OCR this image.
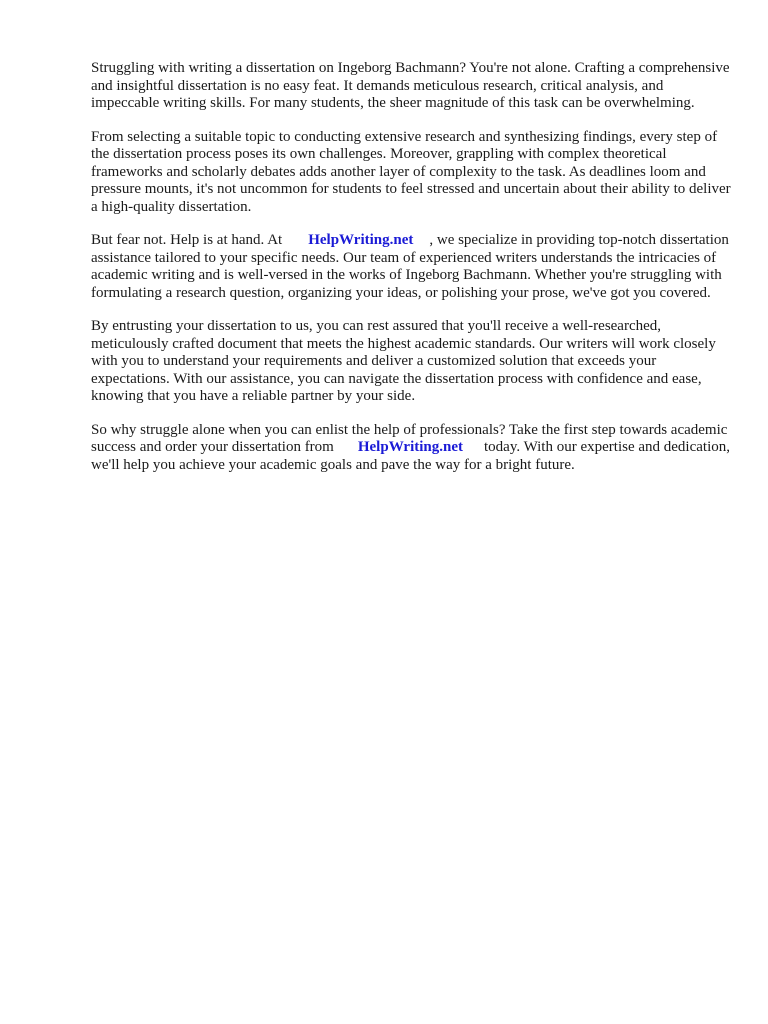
Struggling with writing a dissertation on Ingeborg Bachmann? You're not alone. Crafting a comprehensive and insightful dissertation is no easy feat. It demands meticulous research, critical analysis, and impeccable writing skills. For many students, the sheer magnitude of this task can be overwhelming.

From selecting a suitable topic to conducting extensive research and synthesizing findings, every step of the dissertation process poses its own challenges. Moreover, grappling with complex theoretical frameworks and scholarly debates adds another layer of complexity to the task. As deadlines loom and pressure mounts, it's not uncommon for students to feel stressed and uncertain about their ability to deliver a high-quality dissertation.

But fear not. Help is at hand. At HelpWriting.net , we specialize in providing top-notch dissertation assistance tailored to your specific needs. Our team of experienced writers understands the intricacies of academic writing and is well-versed in the works of Ingeborg Bachmann. Whether you're struggling with formulating a research question, organizing your ideas, or polishing your prose, we've got you covered.

By entrusting your dissertation to us, you can rest assured that you'll receive a well-researched, meticulously crafted document that meets the highest academic standards. Our writers will work closely with you to understand your requirements and deliver a customized solution that exceeds your expectations. With our assistance, you can navigate the dissertation process with confidence and ease, knowing that you have a reliable partner by your side.

So why struggle alone when you can enlist the help of professionals? Take the first step towards academic success and order your dissertation from HelpWriting.net today. With our expertise and dedication, we'll help you achieve your academic goals and pave the way for a bright future.
